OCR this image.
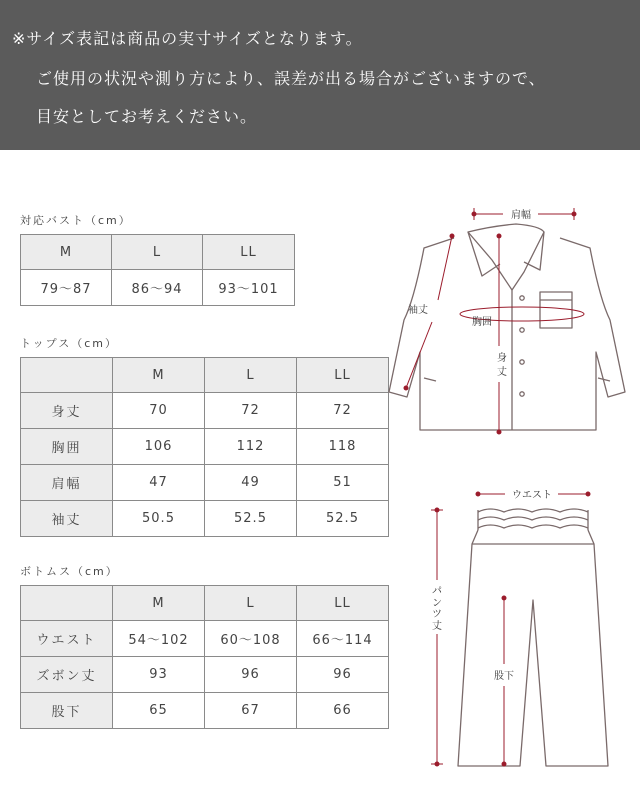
※サイズ表記は商品の実寸サイズとなります。
ご使用の状況や測り方により、誤差が出る場合がございますので、
目安としてお考えください。
対応バスト（cm）
M	L	LL
79〜87	86〜94	93〜101
トップス（cm）
	M	L	LL
身丈	70	72	72
胸囲	106	112	118
肩幅	47	49	51
袖丈	50.5	52.5	52.5
ボトムス（cm）
	M	L	LL
ウエスト	54〜102	60〜108	66〜114
ズボン丈	93	96	96
股下	65	67	66
肩幅
袖丈
胸囲
身
丈
ウエスト
パ
ン
ツ
丈
股下
